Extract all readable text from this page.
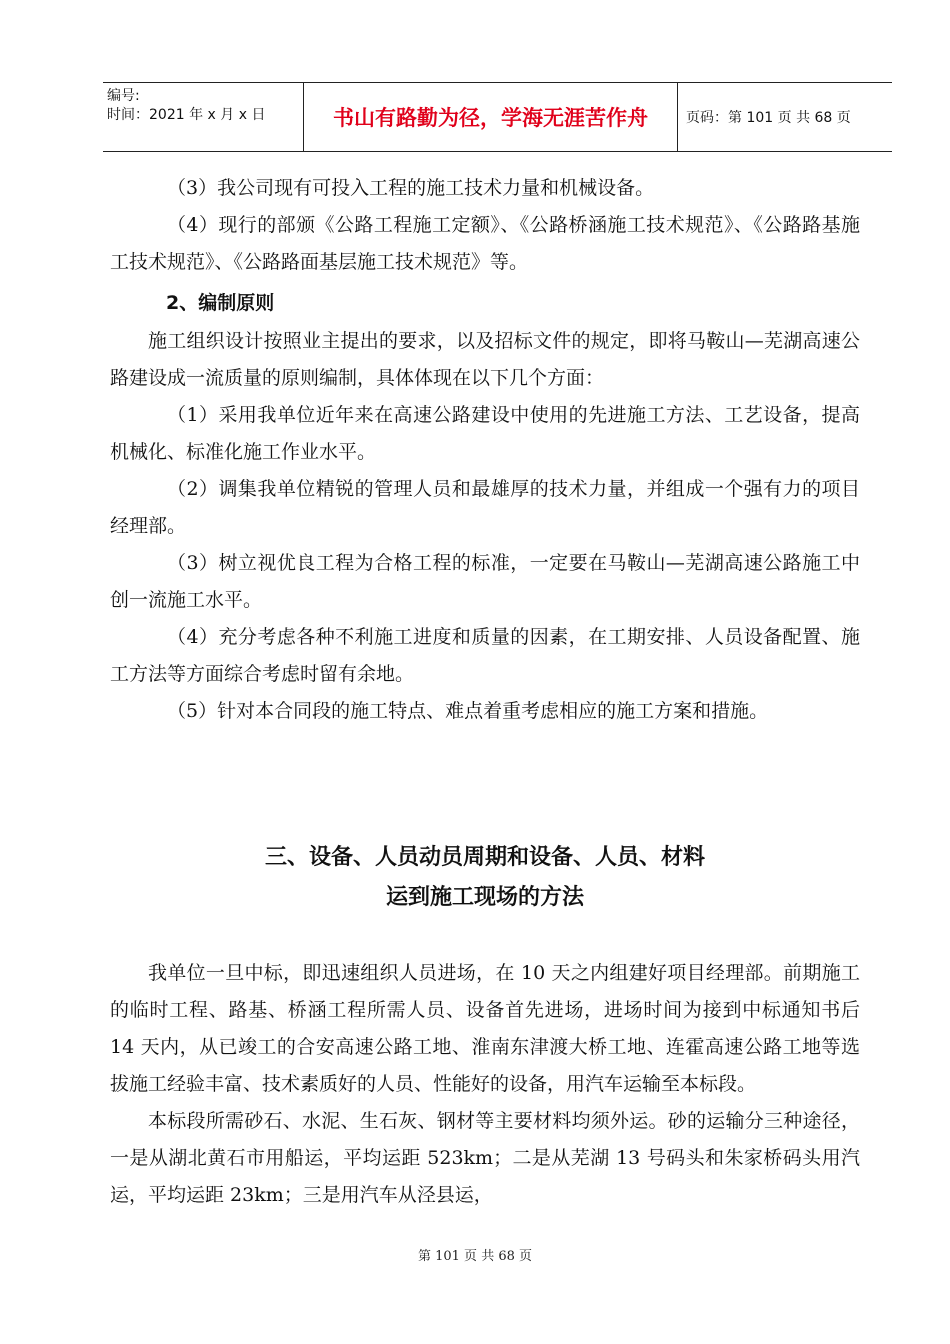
编号:
时间：2021 年 x 月 x 日	书山有路勤为径，学海无涯苦作舟	页码：第 101 页 共 68 页

（3）我公司现有可投入工程的施工技术力量和机械设备。

（4）现行的部颁《公路工程施工定额》、《公路桥涵施工技术规范》、《公路路基施工技术规范》、《公路路面基层施工技术规范》等。

2、编制原则

施工组织设计按照业主提出的要求，以及招标文件的规定，即将马鞍山—芜湖高速公路建设成一流质量的原则编制，具体体现在以下几个方面：

（1）采用我单位近年来在高速公路建设中使用的先进施工方法、工艺设备，提高机械化、标准化施工作业水平。

（2）调集我单位精锐的管理人员和最雄厚的技术力量，并组成一个强有力的项目经理部。

（3）树立视优良工程为合格工程的标准，一定要在马鞍山—芜湖高速公路施工中创一流施工水平。

（4）充分考虑各种不利施工进度和质量的因素，在工期安排、人员设备配置、施工方法等方面综合考虑时留有余地。

（5）针对本合同段的施工特点、难点着重考虑相应的施工方案和措施。

三、设备、人员动员周期和设备、人员、材料
运到施工现场的方法

我单位一旦中标，即迅速组织人员进场，在 10 天之内组建好项目经理部。前期施工的临时工程、路基、桥涵工程所需人员、设备首先进场，进场时间为接到中标通知书后 14 天内，从已竣工的合安高速公路工地、淮南东津渡大桥工地、连霍高速公路工地等选拔施工经验丰富、技术素质好的人员、性能好的设备，用汽车运输至本标段。

本标段所需砂石、水泥、生石灰、钢材等主要材料均须外运。砂的运输分三种途径，一是从湖北黄石市用船运，平均运距 523km；二是从芜湖 13 号码头和朱家桥码头用汽运，平均运距 23km；三是用汽车从泾县运，

第 101 页 共 68 页
